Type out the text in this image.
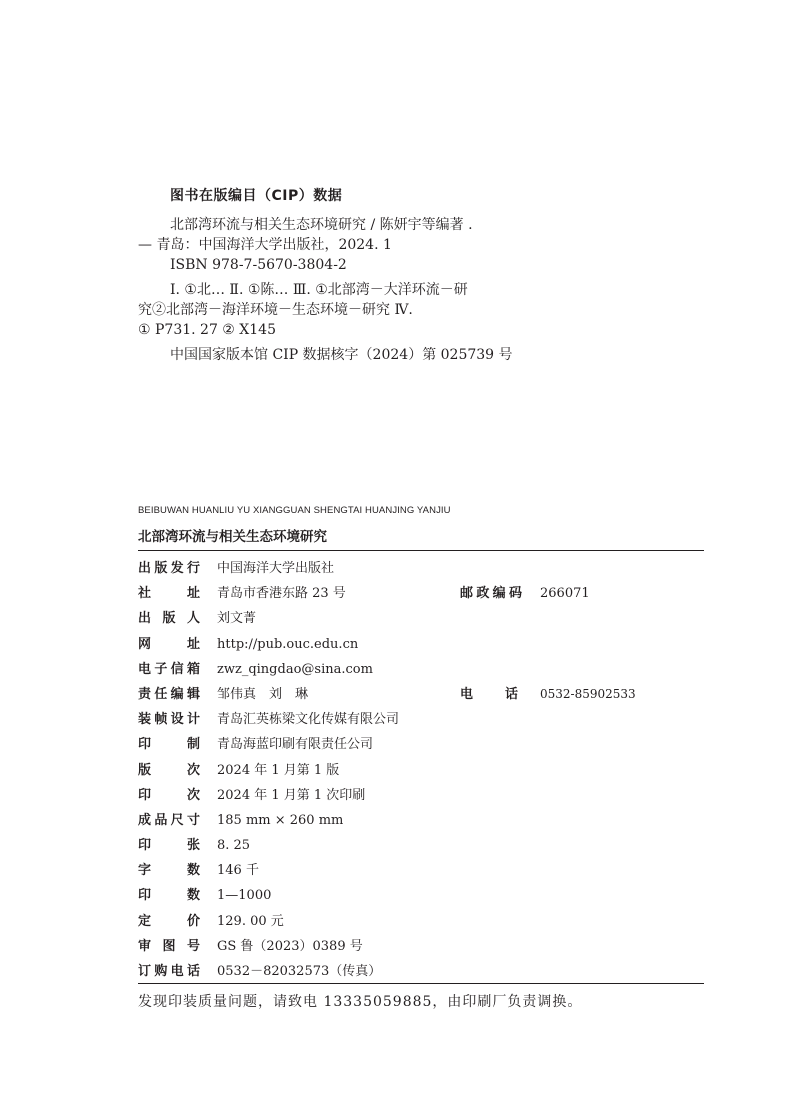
图书在版编目（CIP）数据
北部湾环流与相关生态环境研究 / 陈妍宇等编著 .
— 青岛：中国海洋大学出版社，2024. 1
ISBN 978-7-5670-3804-2
Ⅰ. ①北… Ⅱ. ①陈… Ⅲ. ①北部湾－大洋环流－研
究②北部湾－海洋环境－生态环境－研究 Ⅳ.
① P731. 27 ② X145
中国国家版本馆 CIP 数据核字（2024）第 025739 号
BEIBUWAN HUANLIU YU XIANGGUAN SHENGTAI HUANJING YANJIU
北部湾环流与相关生态环境研究
出版发行 中国海洋大学出版社
社　　址 青岛市香港东路 23 号	邮政编码 266071
出 版 人 刘文菁
网　　址 http://pub.ouc.edu.cn
电子信箱 zwz_qingdao@sina.com
责任编辑 邹伟真　刘　琳	电　话 0532-85902533
装帧设计 青岛汇英栋梁文化传媒有限公司
印　　制 青岛海蓝印刷有限责任公司
版　　次 2024 年 1 月第 1 版
印　　次 2024 年 1 月第 1 次印刷
成品尺寸 185 mm × 260 mm
印　　张 8. 25
字　　数 146 千
印　　数 1—1000
定　　价 129. 00 元
审 图 号 GS 鲁（2023）0389 号
订购电话 0532－82032573（传真）
发现印装质量问题，请致电 13335059885，由印刷厂负责调换。
